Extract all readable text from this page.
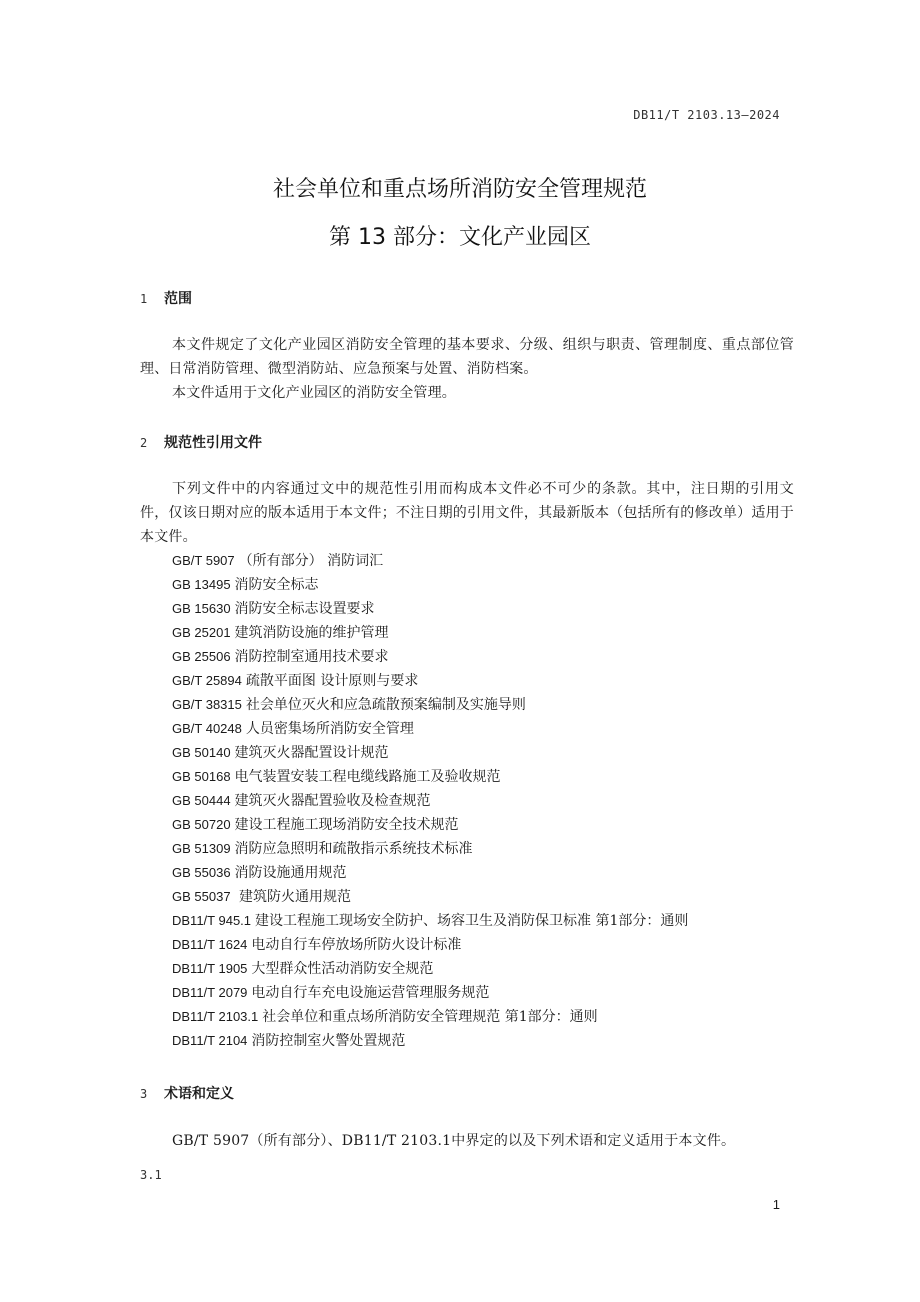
DB11/T 2103.13—2024
社会单位和重点场所消防安全管理规范
第 13 部分：文化产业园区
1 范围
本文件规定了文化产业园区消防安全管理的基本要求、分级、组织与职责、管理制度、重点部位管理、日常消防管理、微型消防站、应急预案与处置、消防档案。
本文件适用于文化产业园区的消防安全管理。
2 规范性引用文件
下列文件中的内容通过文中的规范性引用而构成本文件必不可少的条款。其中，注日期的引用文件，仅该日期对应的版本适用于本文件；不注日期的引用文件，其最新版本（包括所有的修改单）适用于本文件。
GB/T 5907 （所有部分） 消防词汇
GB 13495 消防安全标志
GB 15630 消防安全标志设置要求
GB 25201 建筑消防设施的维护管理
GB 25506 消防控制室通用技术要求
GB/T 25894 疏散平面图 设计原则与要求
GB/T 38315 社会单位灭火和应急疏散预案编制及实施导则
GB/T 40248 人员密集场所消防安全管理
GB 50140 建筑灭火器配置设计规范
GB 50168 电气装置安装工程电缆线路施工及验收规范
GB 50444 建筑灭火器配置验收及检查规范
GB 50720 建设工程施工现场消防安全技术规范
GB 51309 消防应急照明和疏散指示系统技术标准
GB 55036 消防设施通用规范
GB 55037 建筑防火通用规范
DB11/T 945.1 建设工程施工现场安全防护、场容卫生及消防保卫标准 第1部分：通则
DB11/T 1624 电动自行车停放场所防火设计标准
DB11/T 1905 大型群众性活动消防安全规范
DB11/T 2079 电动自行车充电设施运营管理服务规范
DB11/T 2103.1 社会单位和重点场所消防安全管理规范 第1部分：通则
DB11/T 2104 消防控制室火警处置规范
3 术语和定义
GB/T 5907（所有部分）、DB11/T 2103.1中界定的以及下列术语和定义适用于本文件。
3.1
1
